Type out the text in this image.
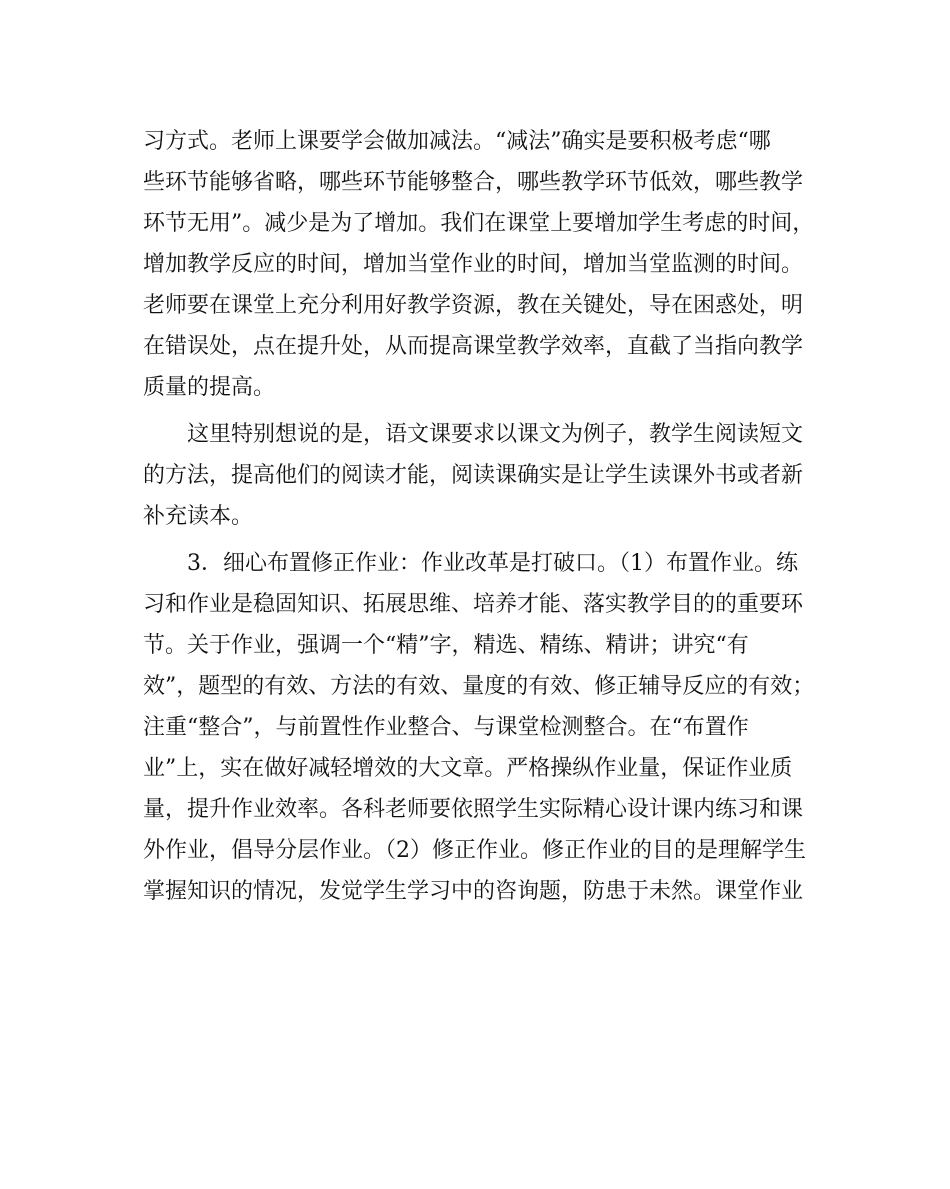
习方式。老师上课要学会做加减法。“减法”确实是要积极考虑“哪
些环节能够省略，哪些环节能够整合，哪些教学环节低效，哪些教学
环节无用”。减少是为了增加。我们在课堂上要增加学生考虑的时间，
增加教学反应的时间，增加当堂作业的时间，增加当堂监测的时间。
老师要在课堂上充分利用好教学资源，教在关键处，导在困惑处，明
在错误处，点在提升处，从而提高课堂教学效率，直截了当指向教学
质量的提高。
　　这里特别想说的是，语文课要求以课文为例子，教学生阅读短文
的方法，提高他们的阅读才能，阅读课确实是让学生读课外书或者新
补充读本。
　　3．细心布置修正作业：作业改革是打破口。（1）布置作业。练
习和作业是稳固知识、拓展思维、培养才能、落实教学目的的重要环
节。关于作业，强调一个“精”字，精选、精练、精讲；讲究“有
效”，题型的有效、方法的有效、量度的有效、修正辅导反应的有效；
注重“整合”，与前置性作业整合、与课堂检测整合。在“布置作
业”上，实在做好减轻增效的大文章。严格操纵作业量，保证作业质
量，提升作业效率。各科老师要依照学生实际精心设计课内练习和课
外作业，倡导分层作业。（2）修正作业。修正作业的目的是理解学生
掌握知识的情况，发觉学生学习中的咨询题，防患于未然。课堂作业
